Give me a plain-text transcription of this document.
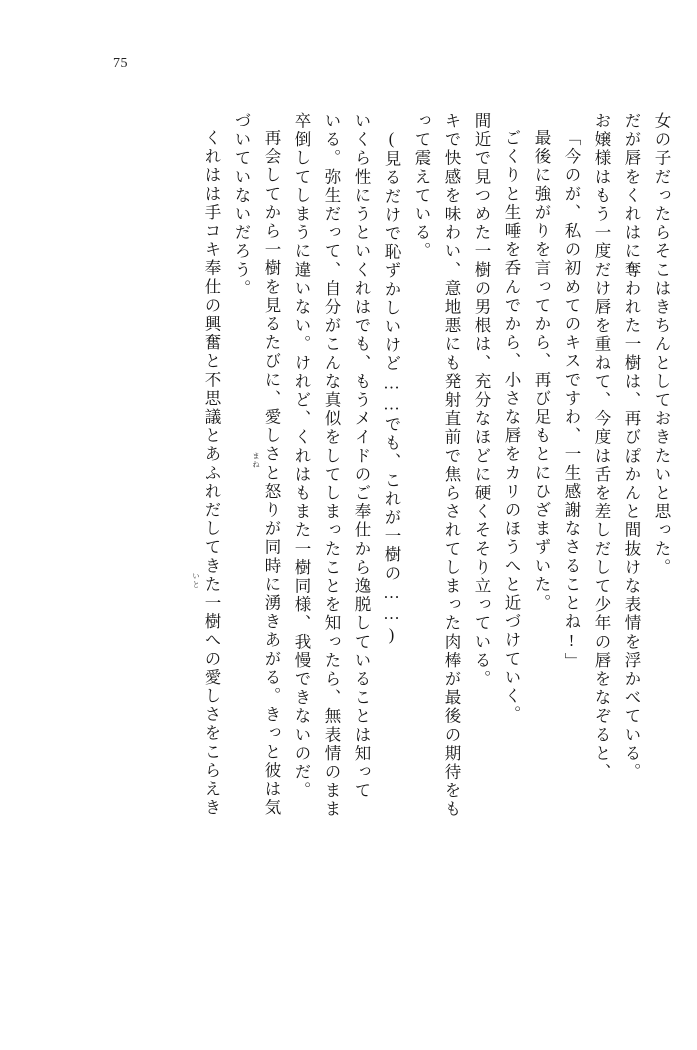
75
女の子だったらそこはきちんとしておきたいと思った。
だが唇をくれはに奪われた一樹は、再びぽかんと間抜けな表情を浮かべている。
お嬢様はもう一度だけ唇を重ねて、今度は舌を差しだして少年の唇をなぞると、
「今のが、私の初めてのキスですわ、一生感謝なさることね!」
最後に強がりを言ってから、再び足もとにひざまずいた。
ごくりと生唾を呑んでから、小さな唇をカリのほうへと近づけていく。
間近で見つめた一樹の男根は、充分なほどに硬くそそり立っている。
キで快感を味わい、意地悪にも発射直前で焦らされてしまった肉棒が最後の期待をも
って震えている。
(見るだけで恥ずかしいけど……でも、これが一樹の……)
いくら性にうといくれはでも、もうメイドのご奉仕から逸脱していることは知って
いる。弥生だって、自分がこんな真似をしてしまったことを知ったら、無表情のまま
卒倒してしまうに違いない。けれど、くれはもまた一樹同様、我慢できないのだ。
再会してから一樹を見るたびに、愛しさと怒りが同時に湧きあがる。きっと彼は気
づいていないだろう。
くれはは手コキ奉仕の興奮と不思議とあふれだしてきた一樹への愛しさをこらえき	まね
いと
